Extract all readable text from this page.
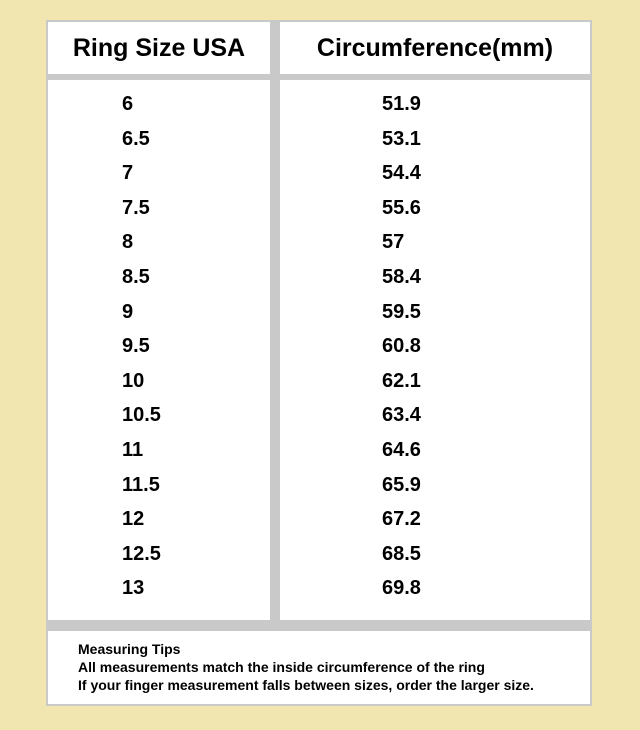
Ring Size USA	Circumference(mm)
6
6.5
7
7.5
8
8.5
9
9.5
10
10.5
11
11.5
12
12.5
13
51.9
53.1
54.4
55.6
57
58.4
59.5
60.8
62.1
63.4
64.6
65.9
67.2
68.5
69.8
Measuring Tips
All measurements match the inside circumference of the ring
If your finger measurement falls between sizes, order the larger size.
